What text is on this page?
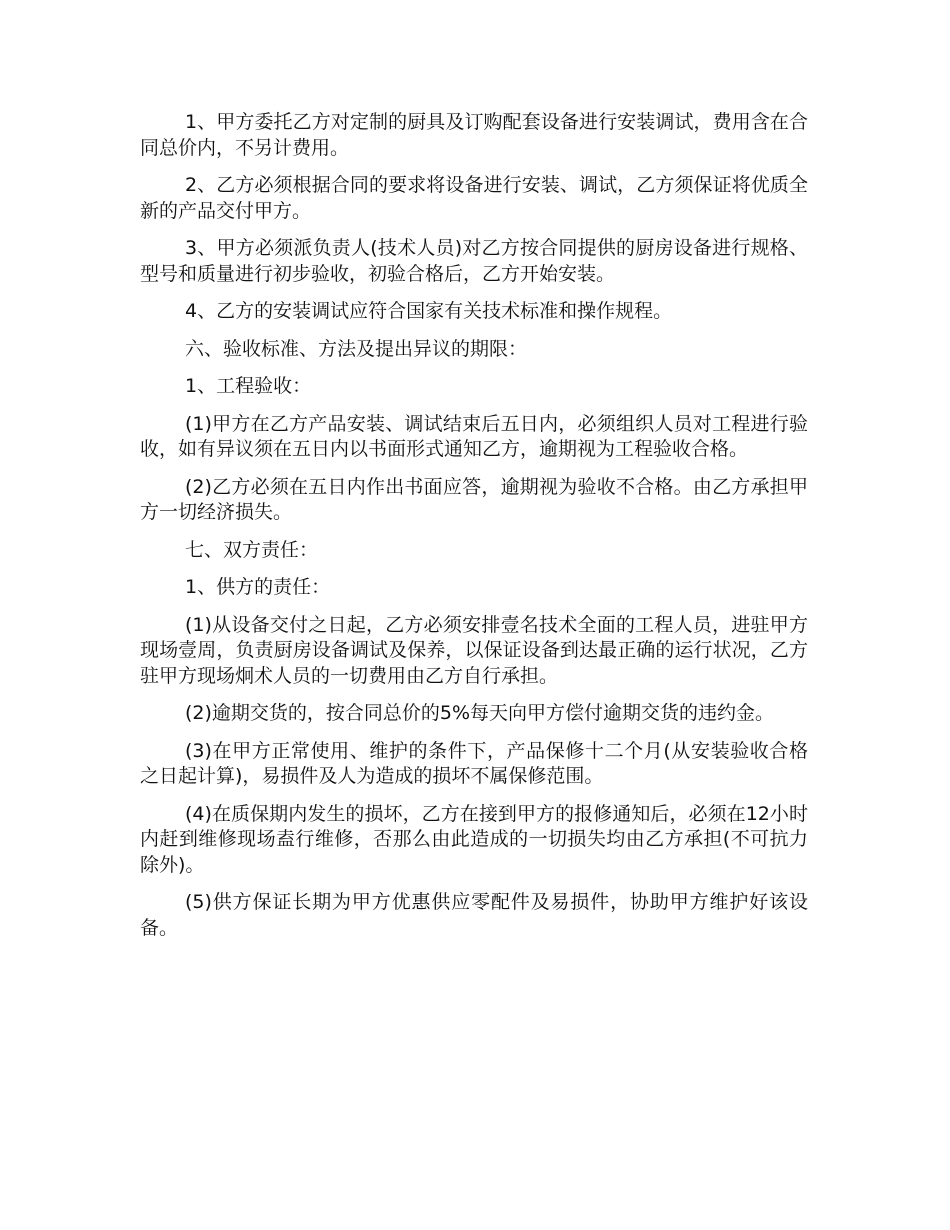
1、甲方委托乙方对定制的厨具及订购配套设备进行安装调试，费用含在合同总价内，不另计费用。

2、乙方必须根据合同的要求将设备进行安装、调试，乙方须保证将优质全新的产品交付甲方。

3、甲方必须派负责人(技术人员)对乙方按合同提供的厨房设备进行规格、型号和质量进行初步验收，初验合格后，乙方开始安装。

4、乙方的安装调试应符合国家有关技术标准和操作规程。

六、验收标准、方法及提出异议的期限：

1、工程验收：

(1)甲方在乙方产品安装、调试结束后五日内，必须组织人员对工程进行验收，如有异议须在五日内以书面形式通知乙方，逾期视为工程验收合格。

(2)乙方必须在五日内作出书面应答，逾期视为验收不合格。由乙方承担甲方一切经济损失。

七、双方责任：

1、供方的责任：

(1)从设备交付之日起，乙方必须安排壹名技术全面的工程人员，进驻甲方现场壹周，负责厨房设备调试及保养，以保证设备到达最正确的运行状况，乙方驻甲方现场炯术人员的一切费用由乙方自行承担。

(2)逾期交货的，按合同总价的5%每天向甲方偿付逾期交货的违约金。

(3)在甲方正常使用、维护的条件下，产品保修十二个月(从安装验收合格之日起计算)，易损件及人为造成的损坏不属保修范围。

(4)在质保期内发生的损坏，乙方在接到甲方的报修通知后，必须在12小时内赶到维修现场盍行维修，否那么由此造成的一切损失均由乙方承担(不可抗力除外)。

(5)供方保证长期为甲方优惠供应零配件及易损件，协助甲方维护好该设备。
